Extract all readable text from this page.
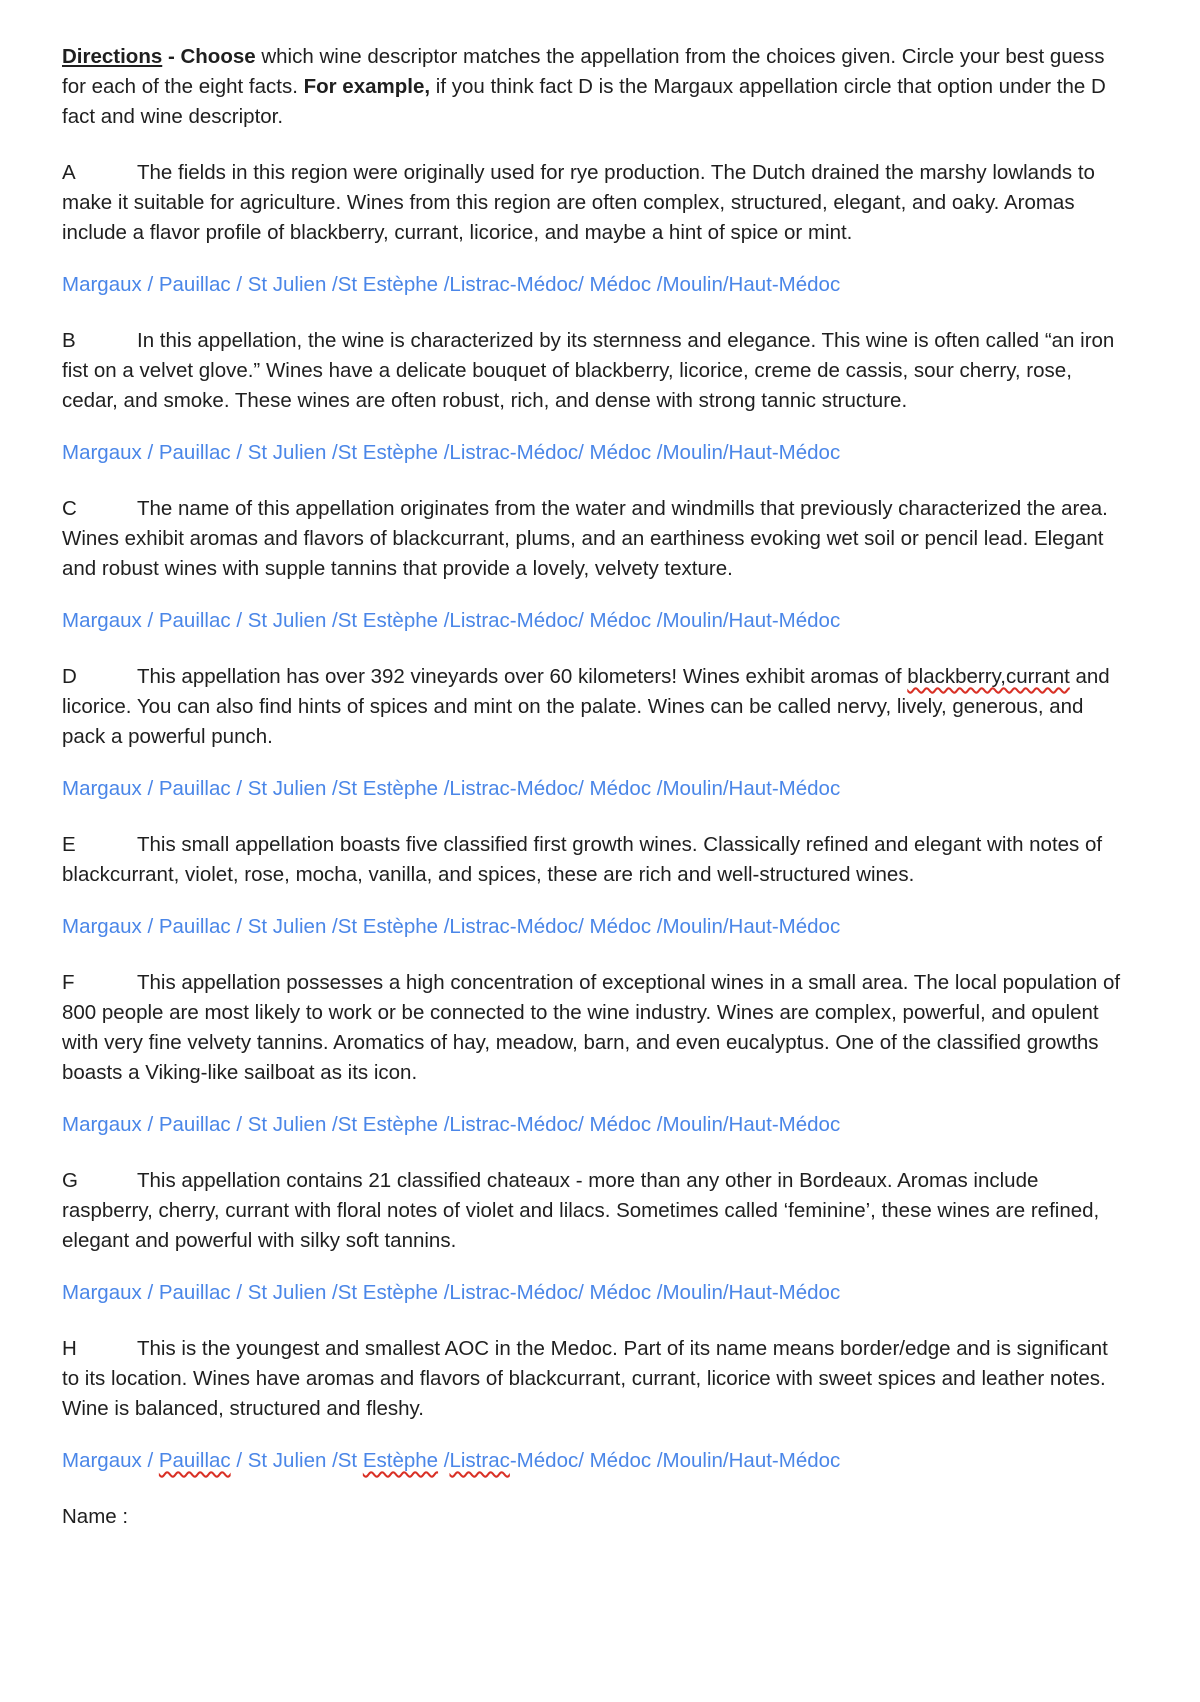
Directions - Choose which wine descriptor matches the appellation from the choices given. Circle your best guess for each of the eight facts. For example, if you think fact D is the Margaux appellation circle that option under the D fact and wine descriptor.

A	The fields in this region were originally used for rye production. The Dutch drained the marshy lowlands to make it suitable for agriculture. Wines from this region are often complex, structured, elegant, and oaky. Aromas include a flavor profile of blackberry, currant, licorice, and maybe a hint of spice or mint.

Margaux / Pauillac / St Julien /St Estèphe /Listrac-Médoc/ Médoc /Moulin/Haut-Médoc

B	In this appellation, the wine is characterized by its sternness and elegance. This wine is often called “an iron fist on a velvet glove.” Wines have a delicate bouquet of blackberry, licorice, creme de cassis, sour cherry, rose, cedar, and smoke. These wines are often robust, rich, and dense with strong tannic structure.

Margaux / Pauillac / St Julien /St Estèphe /Listrac-Médoc/ Médoc /Moulin/Haut-Médoc

C	The name of this appellation originates from the water and windmills that previously characterized the area. Wines exhibit aromas and flavors of blackcurrant, plums, and an earthiness evoking wet soil or pencil lead. Elegant and robust wines with supple tannins that provide a lovely, velvety texture.

Margaux / Pauillac / St Julien /St Estèphe /Listrac-Médoc/ Médoc /Moulin/Haut-Médoc

D	This appellation has over 392 vineyards over 60 kilometers! Wines exhibit aromas of blackberry,currant and licorice. You can also find hints of spices and mint on the palate. Wines can be called nervy, lively, generous, and pack a powerful punch.

Margaux / Pauillac / St Julien /St Estèphe /Listrac-Médoc/ Médoc /Moulin/Haut-Médoc

E	This small appellation boasts five classified first growth wines. Classically refined and elegant with notes of blackcurrant, violet, rose, mocha, vanilla, and spices, these are rich and well-structured wines.

Margaux / Pauillac / St Julien /St Estèphe /Listrac-Médoc/ Médoc /Moulin/Haut-Médoc

F	This appellation possesses a high concentration of exceptional wines in a small area. The local population of 800 people are most likely to work or be connected to the wine industry. Wines are complex, powerful, and opulent with very fine velvety tannins. Aromatics of hay, meadow, barn, and even eucalyptus. One of the classified growths boasts a Viking-like sailboat as its icon.

Margaux / Pauillac / St Julien /St Estèphe /Listrac-Médoc/ Médoc /Moulin/Haut-Médoc

G	This appellation contains 21 classified chateaux - more than any other in Bordeaux. Aromas include raspberry, cherry, currant with floral notes of violet and lilacs. Sometimes called ‘feminine’, these wines are refined, elegant and powerful with silky soft tannins.

Margaux / Pauillac / St Julien /St Estèphe /Listrac-Médoc/ Médoc /Moulin/Haut-Médoc

H	This is the youngest and smallest AOC in the Medoc. Part of its name means border/edge and is significant to its location. Wines have aromas and flavors of blackcurrant, currant, licorice with sweet spices and leather notes. Wine is balanced, structured and fleshy.

Margaux / Pauillac / St Julien /St Estèphe /Listrac-Médoc/ Médoc /Moulin/Haut-Médoc

Name :
